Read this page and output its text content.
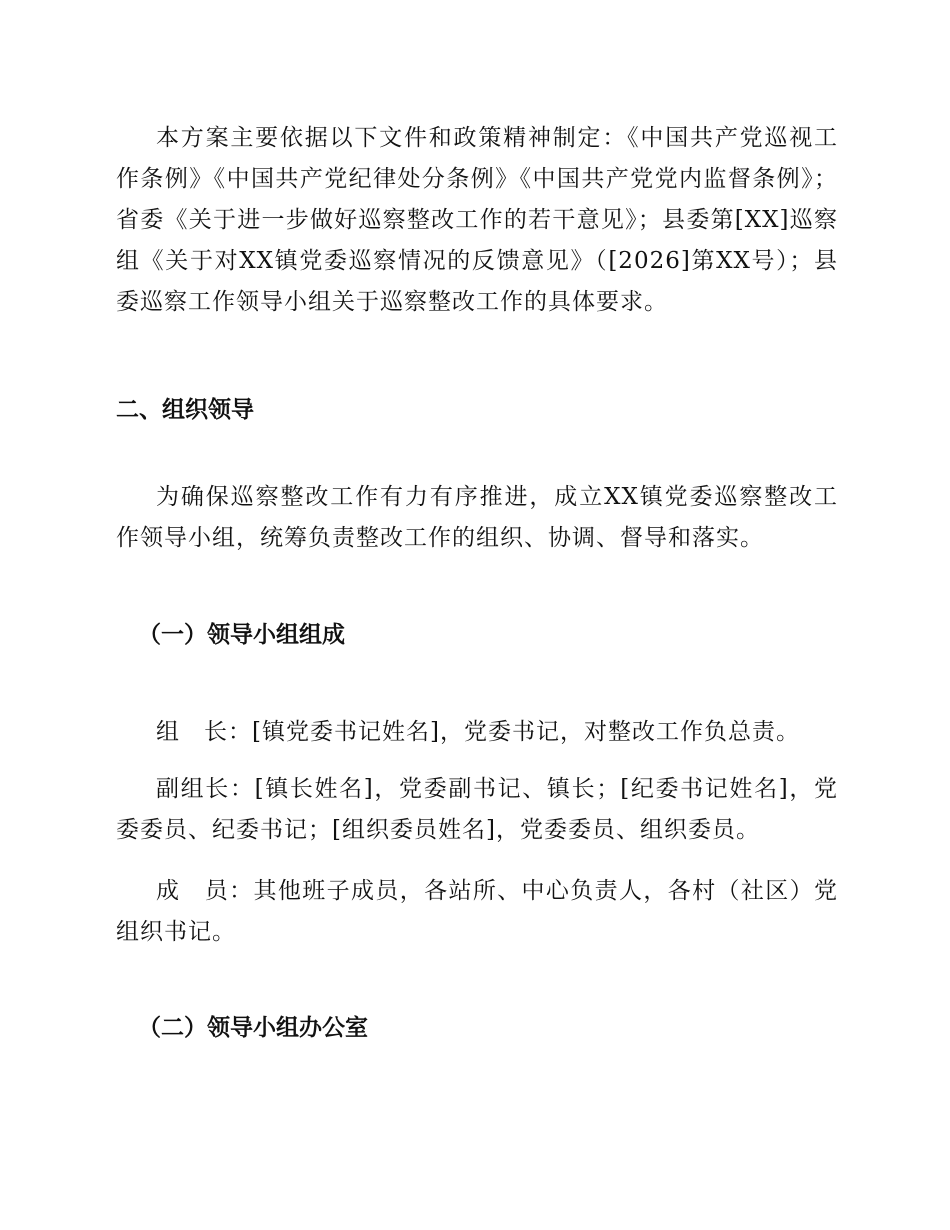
本方案主要依据以下文件和政策精神制定：《中国共产党巡视工作条例》《中国共产党纪律处分条例》《中国共产党党内监督条例》；省委《关于进一步做好巡察整改工作的若干意见》；县委第[XX]巡察组《关于对XX镇党委巡察情况的反馈意见》（[2026]第XX号）；县委巡察工作领导小组关于巡察整改工作的具体要求。

二、组织领导

为确保巡察整改工作有力有序推进，成立XX镇党委巡察整改工作领导小组，统筹负责整改工作的组织、协调、督导和落实。

（一）领导小组组成

组　长：[镇党委书记姓名]，党委书记，对整改工作负总责。

副组长：[镇长姓名]，党委副书记、镇长；[纪委书记姓名]，党委委员、纪委书记；[组织委员姓名]，党委委员、组织委员。

成　员：其他班子成员，各站所、中心负责人，各村（社区）党组织书记。

（二）领导小组办公室
